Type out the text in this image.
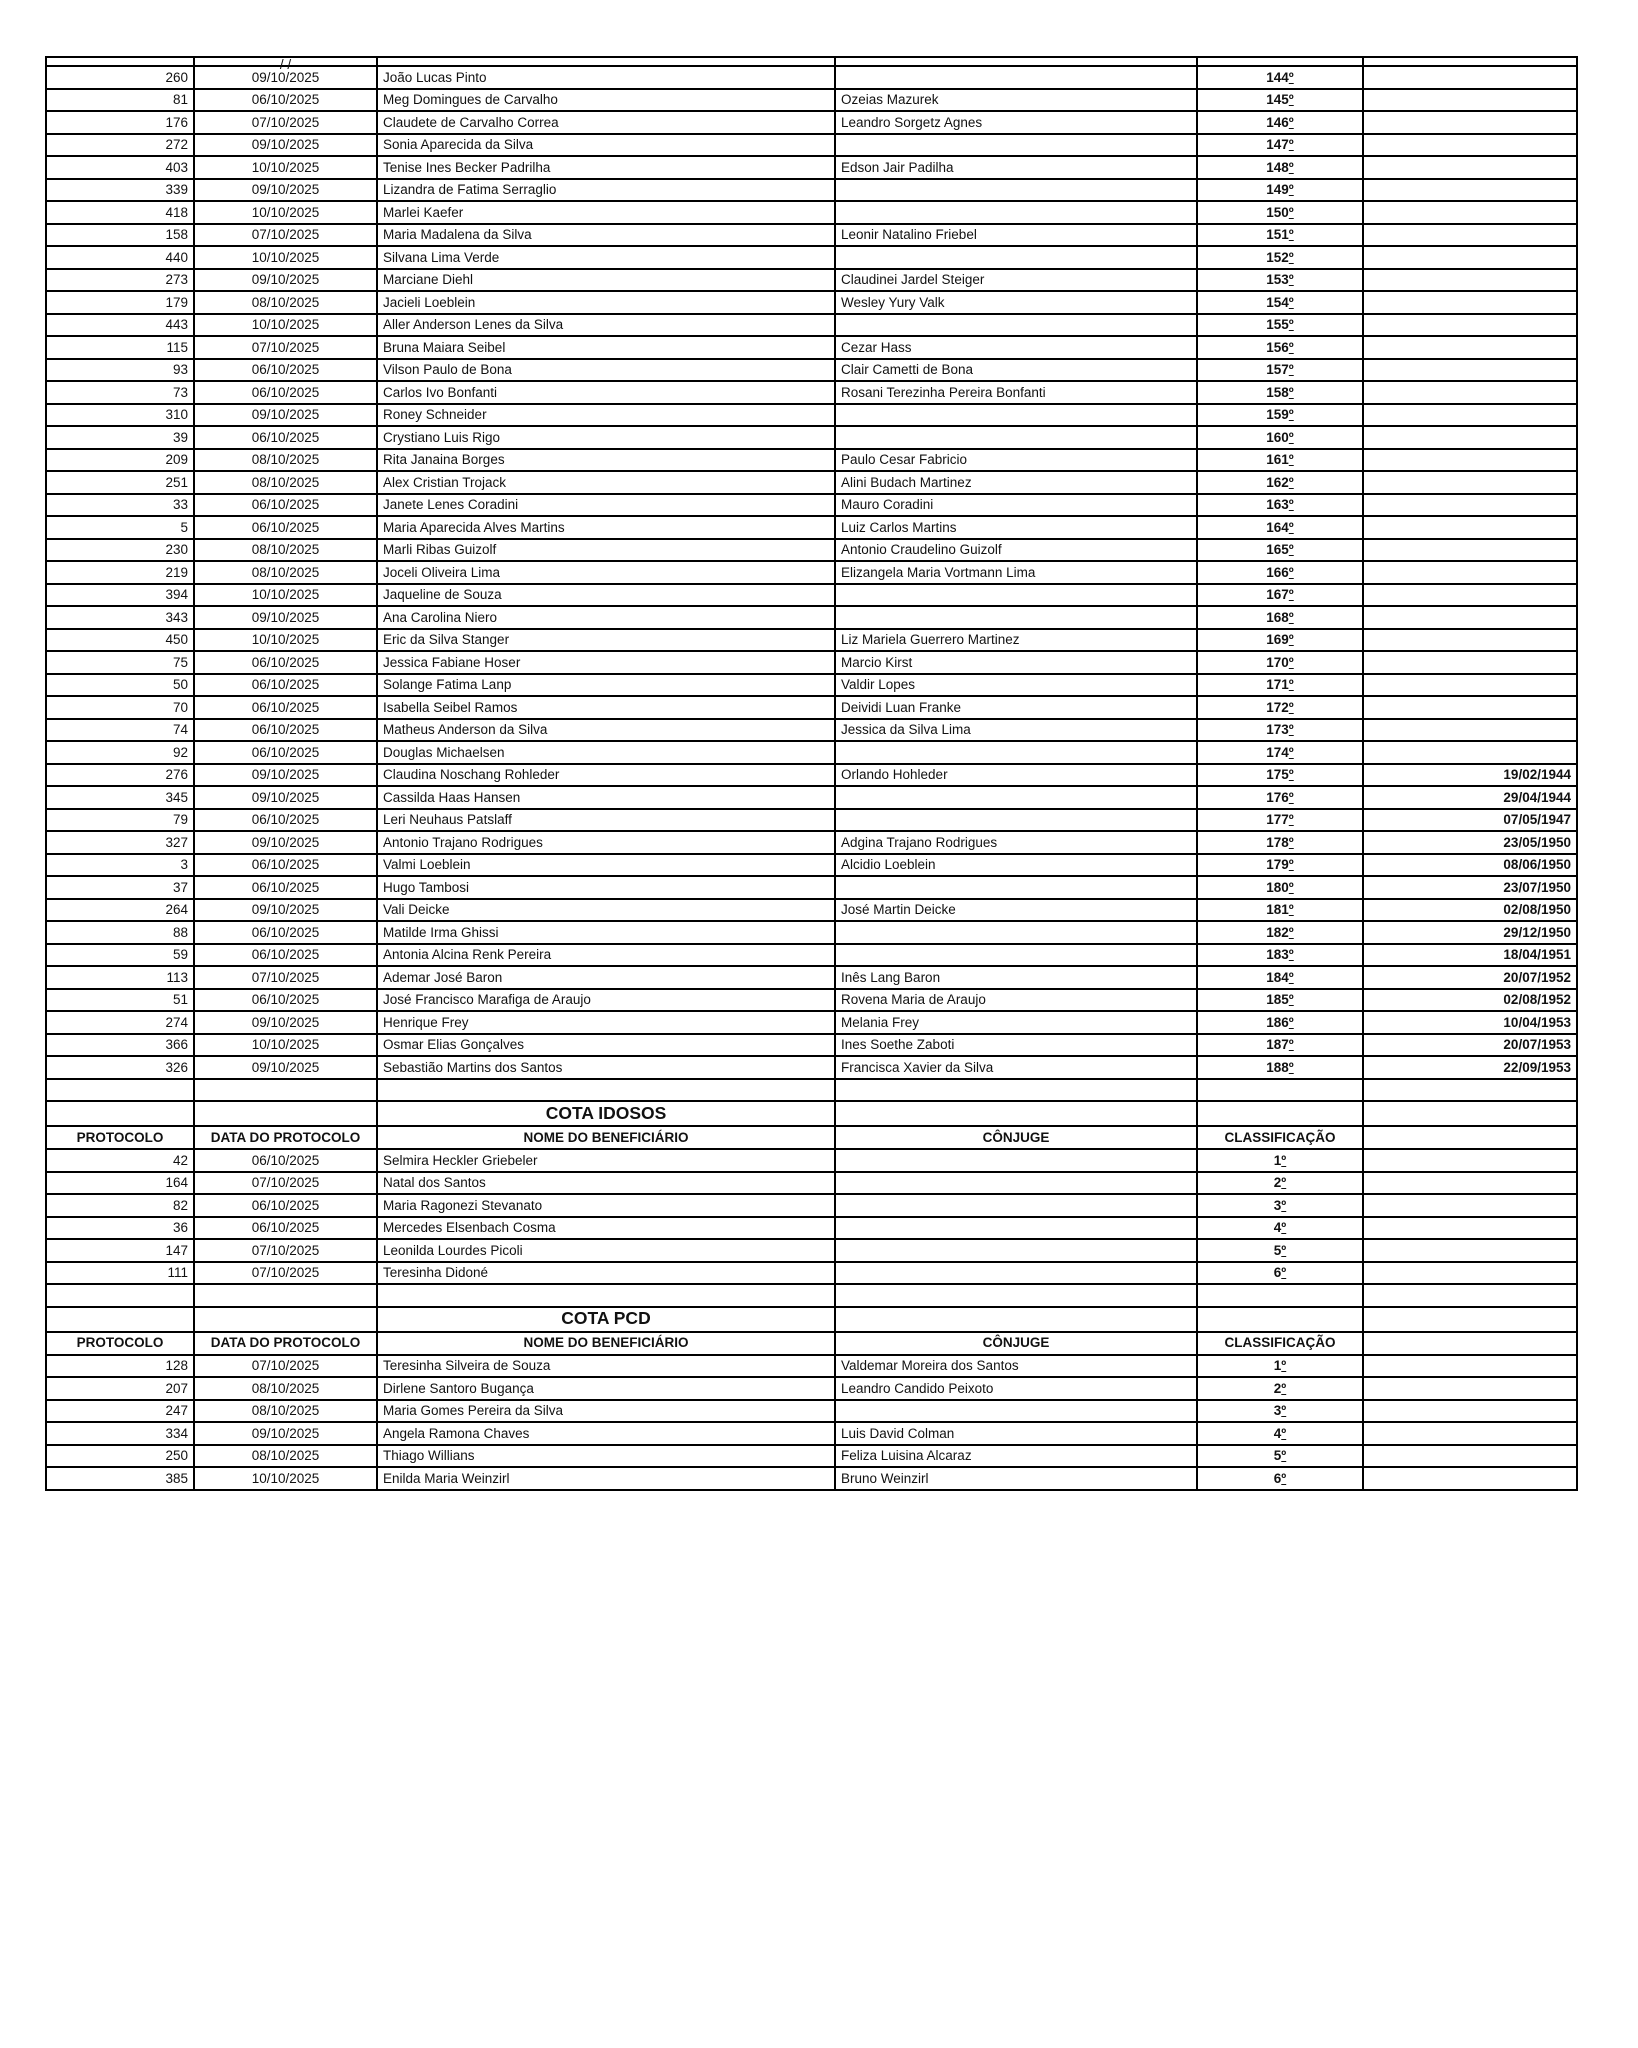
	/ /				

260	09/10/2025	João Lucas Pinto		144º	
81	06/10/2025	Meg Domingues de Carvalho	Ozeias Mazurek	145º	
176	07/10/2025	Claudete de Carvalho Correa	Leandro Sorgetz Agnes	146º	
272	09/10/2025	Sonia Aparecida da Silva		147º	
403	10/10/2025	Tenise Ines Becker Padrilha	Edson Jair Padilha	148º	
339	09/10/2025	Lizandra de Fatima Serraglio		149º	
418	10/10/2025	Marlei Kaefer		150º	
158	07/10/2025	Maria Madalena da Silva	Leonir Natalino Friebel	151º	
440	10/10/2025	Silvana Lima Verde		152º	
273	09/10/2025	Marciane Diehl	Claudinei Jardel Steiger	153º	
179	08/10/2025	Jacieli Loeblein	Wesley Yury Valk	154º	
443	10/10/2025	Aller Anderson Lenes da Silva		155º	
115	07/10/2025	Bruna Maiara Seibel	Cezar Hass	156º	
93	06/10/2025	Vilson Paulo de Bona	Clair Cametti de Bona	157º	
73	06/10/2025	Carlos Ivo Bonfanti	Rosani Terezinha Pereira Bonfanti	158º	
310	09/10/2025	Roney Schneider		159º	
39	06/10/2025	Crystiano Luis Rigo		160º	
209	08/10/2025	Rita Janaina Borges	Paulo Cesar Fabricio	161º	
251	08/10/2025	Alex Cristian Trojack	Alini Budach Martinez	162º	
33	06/10/2025	Janete Lenes Coradini	Mauro Coradini	163º	
5	06/10/2025	Maria Aparecida Alves Martins	Luiz Carlos Martins	164º	
230	08/10/2025	Marli Ribas Guizolf	Antonio Craudelino Guizolf	165º	
219	08/10/2025	Joceli Oliveira Lima	Elizangela Maria Vortmann Lima	166º	
394	10/10/2025	Jaqueline de Souza		167º	
343	09/10/2025	Ana Carolina Niero		168º	
450	10/10/2025	Eric da Silva Stanger	Liz Mariela Guerrero Martinez	169º	
75	06/10/2025	Jessica Fabiane Hoser	Marcio Kirst	170º	
50	06/10/2025	Solange Fatima Lanp	Valdir Lopes	171º	
70	06/10/2025	Isabella Seibel Ramos	Deividi Luan Franke	172º	
74	06/10/2025	Matheus Anderson da Silva	Jessica da Silva Lima	173º	
92	06/10/2025	Douglas Michaelsen		174º	
276	09/10/2025	Claudina Noschang Rohleder	Orlando Hohleder	175º	19/02/1944
345	09/10/2025	Cassilda Haas Hansen		176º	29/04/1944
79	06/10/2025	Leri Neuhaus Patslaff		177º	07/05/1947
327	09/10/2025	Antonio Trajano Rodrigues	Adgina Trajano Rodrigues	178º	23/05/1950
3	06/10/2025	Valmi Loeblein	Alcidio Loeblein	179º	08/06/1950
37	06/10/2025	Hugo Tambosi		180º	23/07/1950
264	09/10/2025	Vali Deicke	José Martin Deicke	181º	02/08/1950
88	06/10/2025	Matilde Irma Ghissi		182º	29/12/1950
59	06/10/2025	Antonia Alcina Renk Pereira		183º	18/04/1951
113	07/10/2025	Ademar José Baron	Inês Lang Baron	184º	20/07/1952
51	06/10/2025	José Francisco Marafiga de Araujo	Rovena Maria de Araujo	185º	02/08/1952
274	09/10/2025	Henrique Frey	Melania Frey	186º	10/04/1953
366	10/10/2025	Osmar Elias Gonçalves	Ines Soethe Zaboti	187º	20/07/1953
326	09/10/2025	Sebastião Martins dos Santos	Francisca Xavier da Silva	188º	22/09/1953

		COTA IDOSOS			
PROTOCOLO	DATA DO PROTOCOLO	NOME DO BENEFICIÁRIO	CÔNJUGE	CLASSIFICAÇÃO	
42	06/10/2025	Selmira Heckler Griebeler		1º	
164	07/10/2025	Natal dos Santos		2º	
82	06/10/2025	Maria Ragonezi Stevanato		3º	
36	06/10/2025	Mercedes Elsenbach Cosma		4º	
147	07/10/2025	Leonilda Lourdes Picoli		5º	
111	07/10/2025	Teresinha Didoné		6º	

		COTA PCD			
PROTOCOLO	DATA DO PROTOCOLO	NOME DO BENEFICIÁRIO	CÔNJUGE	CLASSIFICAÇÃO	
128	07/10/2025	Teresinha Silveira de Souza	Valdemar Moreira dos Santos	1º	
207	08/10/2025	Dirlene Santoro Bugança	Leandro Candido Peixoto	2º	
247	08/10/2025	Maria Gomes Pereira da Silva		3º	
334	09/10/2025	Angela Ramona Chaves	Luis David Colman	4º	
250	08/10/2025	Thiago Willians	Feliza Luisina Alcaraz	5º	
385	10/10/2025	Enilda Maria Weinzirl	Bruno Weinzirl	6º	
